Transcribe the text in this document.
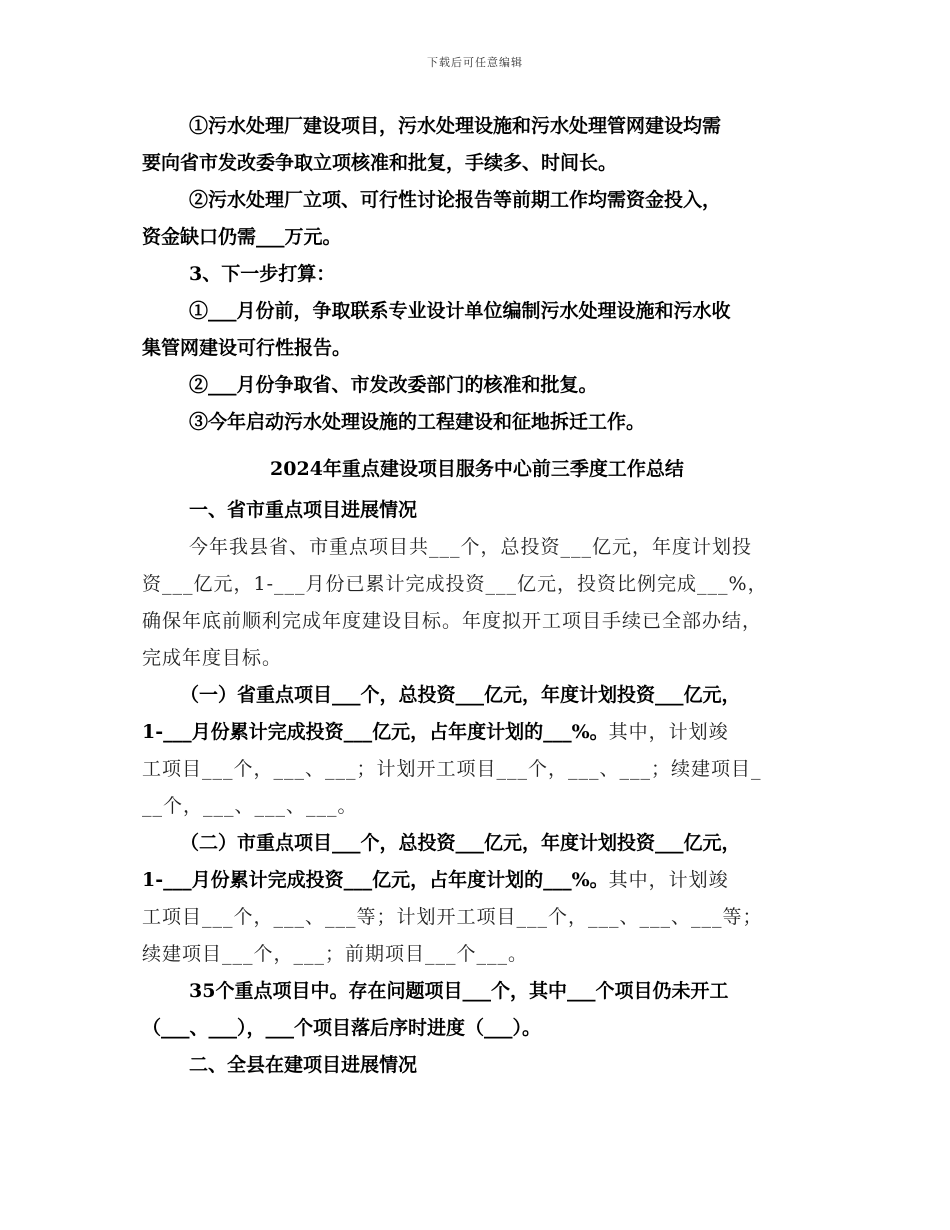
下载后可任意编辑

①污水处理厂建设项目，污水处理设施和污水处理管网建设均需

要向省市发改委争取立项核准和批复，手续多、时间长。

②污水处理厂立项、可行性讨论报告等前期工作均需资金投入，

资金缺口仍需___万元。

3、下一步打算：

①___月份前，争取联系专业设计单位编制污水处理设施和污水收

集管网建设可行性报告。

②___月份争取省、市发改委部门的核准和批复。

③今年启动污水处理设施的工程建设和征地拆迁工作。

2024年重点建设项目服务中心前三季度工作总结

一、省市重点项目进展情况

今年我县省、市重点项目共___个，总投资___亿元，年度计划投

资___亿元，1-___月份已累计完成投资___亿元，投资比例完成___%，

确保年底前顺利完成年度建设目标。年度拟开工项目手续已全部办结，

完成年度目标。

（一）省重点项目___个，总投资___亿元，年度计划投资___亿元，

1-___月份累计完成投资___亿元，占年度计划的___%。其中，计划竣

工项目___个，___、___；计划开工项目___个，___、___；续建项目_

__个，___、___、___。

（二）市重点项目___个，总投资___亿元，年度计划投资___亿元，

1-___月份累计完成投资___亿元，占年度计划的___%。其中，计划竣

工项目___个，___、___等；计划开工项目___个，___、___、___等；

续建项目___个，___；前期项目___个___。

35个重点项目中。存在问题项目___个，其中___个项目仍未开工

（___、___），___个项目落后序时进度（___）。

二、全县在建项目进展情况
